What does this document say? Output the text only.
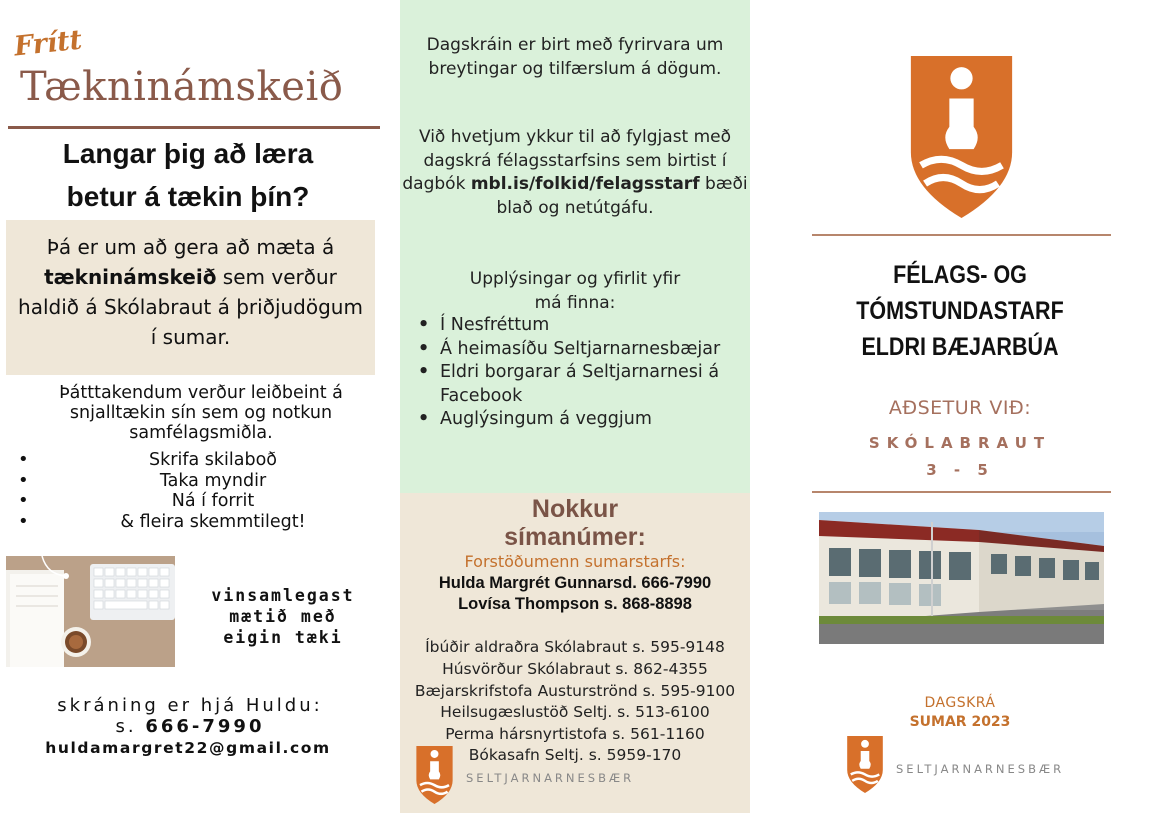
Frítt
Tækninámskeið
Langar þig að læra
betur á tækin þín?
Þá er um að gera að mæta á tækninámskeið sem verður haldið á Skólabraut á þriðjudögum í sumar.
Þátttakendum verður leiðbeint á snjalltækin sín sem og notkun samfélagsmiðla.
• Skrifa skilaboð
• Taka myndir
• Ná í forrit
• & fleira skemmtilegt!
vinsamlegast
mætið með
eigin tæki
skráning er hjá Huldu:
s. 666-7990
huldamargret22@gmail.com
Dagskráin er birt með fyrirvara um breytingar og tilfærslum á dögum.
Við hvetjum ykkur til að fylgjast með dagskrá félagsstarfsins sem birtist í dagbók mbl.is/folkid/felagsstarf bæði blað og netútgáfu.
Upplýsingar og yfirlit yfir
má finna:
• Í Nesfréttum
• Á heimasíðu Seltjarnarnesbæjar
• Eldri borgarar á Seltjarnarnesi á Facebook
• Auglýsingum á veggjum
Nokkur
símanúmer:
Forstöðumenn sumarstarfs:
Hulda Margrét Gunnarsd. 666-7990
Lovísa Thompson s. 868-8898
Íbúðir aldraðra Skólabraut s. 595-9148
Húsvörður Skólabraut s. 862-4355
Bæjarskrifstofa Austurströnd s. 595-9100
Heilsugæslustöð Seltj. s. 513-6100
Perma hársnyrtistofa s. 561-1160
Bókasafn Seltj. s. 5959-170
SELTJARNARNESBÆR
FÉLAGS- OG TÓMSTUNDASTARF
ELDRI BÆJARBÚA
AÐSETUR VIÐ:
SKÓLABRAUT
3 - 5
DAGSKRÁ
SUMAR 2023
SELTJARNARNESBÆR
